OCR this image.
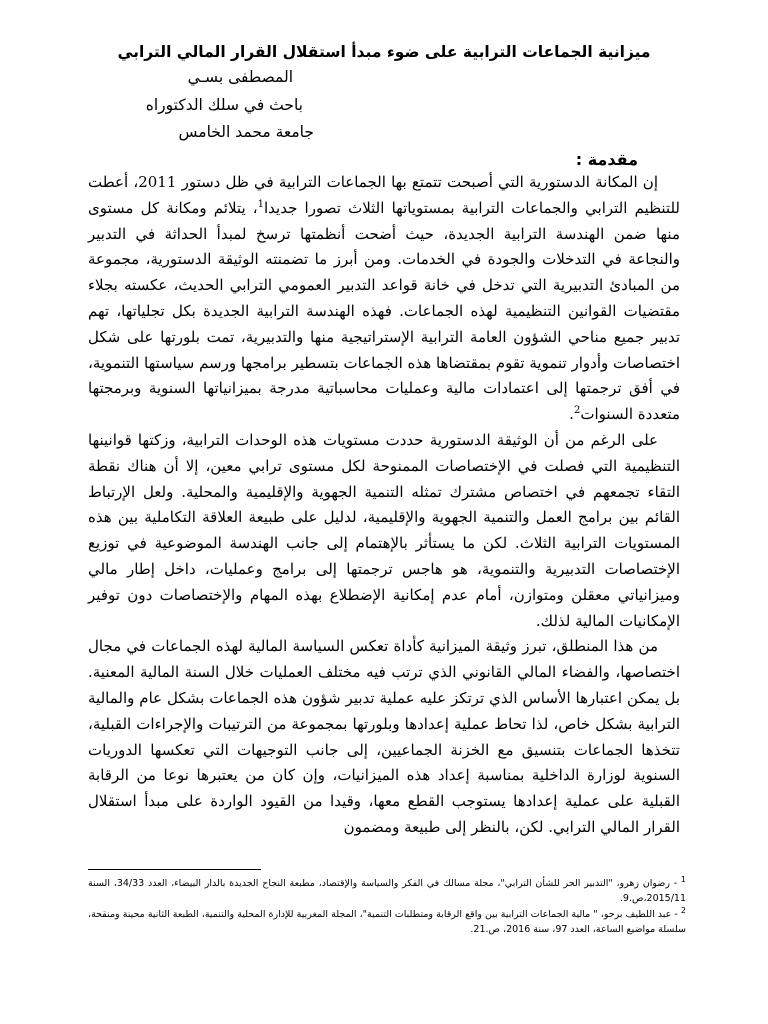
ميزانية الجماعات الترابية على ضوء مبدأ استقلال القرار المالي الترابي

المصطفى بسـي

باحث في سلك الدكتوراه

جامعة محمد الخامس

مقدمة :

إن المكانة الدستورية التي أصبحت تتمتع بها الجماعات الترابية في ظل دستور 2011، أعطت للتنظيم الترابي والجماعات الترابية بمستوياتها الثلاث تصورا جديدا$^1$، يتلائم ومكانة كل مستوى منها ضمن الهندسة الترابية الجديدة، حيث أضحت أنظمتها ترسخ لمبدأ الحداثة في التدبير والنجاعة في التدخلات والجودة في الخدمات. ومن أبرز ما تضمنته الوثيقة الدستورية، مجموعة من المبادئ التدبيرية التي تدخل في خانة قواعد التدبير العمومي الترابي الحديث، عكسته بجلاء مقتضيات القوانين التنظيمية لهذه الجماعات. فهذه الهندسة الترابية الجديدة بكل تجلياتها، تهم تدبير جميع مناحي الشؤون العامة الترابية الإستراتيجية منها والتدبيرية، تمت بلورتها على شكل اختصاصات وأدوار تنموية تقوم بمقتضاها هذه الجماعات بتسطير برامجها ورسم سياستها التنموية، في أفق ترجمتها إلى اعتمادات مالية وعمليات محاسباتية مدرجة بميزانياتها السنوية وبرمجتها متعددة السنوات$^2$.

على الرغم من أن الوثيقة الدستورية حددت مستويات هذه الوحدات الترابية، وزكتها قوانينها التنظيمية التي فصلت في الإختصاصات الممنوحة لكل مستوى ترابي معين، إلا أن هناك نقطة التقاء تجمعهم في اختصاص مشترك تمثله التنمية الجهوية والإقليمية والمحلية. ولعل الإرتباط القائم بين برامج العمل والتنمية الجهوية والإقليمية، لدليل على طبيعة العلاقة التكاملية بين هذه المستويات الترابية الثلاث. لكن ما يستأثر بالإهتمام إلى جانب الهندسة الموضوعية في توزيع الإختصاصات التدبيرية والتنموية، هو هاجس ترجمتها إلى برامج وعمليات، داخل إطار مالي وميزانياتي معقلن ومتوازن، أمام عدم إمكانية الإضطلاع بهذه المهام والإختصاصات دون توفير الإمكانيات المالية لذلك.

من هذا المنطلق، تبرز وثيقة الميزانية كأداة تعكس السياسة المالية لهذه الجماعات في مجال اختصاصها، والفضاء المالي القانوني الذي ترتب فيه مختلف العمليات خلال السنة المالية المعنية. بل يمكن اعتبارها الأساس الذي ترتكز عليه عملية تدبير شؤون هذه الجماعات بشكل عام والمالية الترابية بشكل خاص، لذا تحاط عملية إعدادها وبلورتها بمجموعة من الترتيبات والإجراءات القبلية، تتخذها الجماعات بتنسيق مع الخزنة الجماعيين، إلى جانب التوجيهات التي تعكسها الدوريات السنوية لوزارة الداخلية بمناسبة إعداد هذه الميزانيات، وإن كان من يعتبرها نوعا من الرقابة القبلية على عملية إعدادها يستوجب القطع معها، وقيدا من القيود الواردة على مبدأ استقلال القرار المالي الترابي. لكن، بالنظر إلى طبيعة ومضمون

$^1$ - رضوان زهرو، "التدبير الحر للشأن الترابي"، مجلة مسالك في الفكر والسياسة والإقتصاد، مطبعة النجاح الجديدة بالدار البيضاء، العدد 34/33، السنة 2015/11،ص.9.

$^2$ - عبد اللطيف برحو، " مالية الجماعات الترابية بين واقع الرقابة ومتطلبات التنمية"، المجلة المغربية للإدارة المحلية والتنمية، الطبعة الثانية محينة ومنقحة، سلسلة مواضيع الساعة، العدد 97، سنة 2016، ص.21.
